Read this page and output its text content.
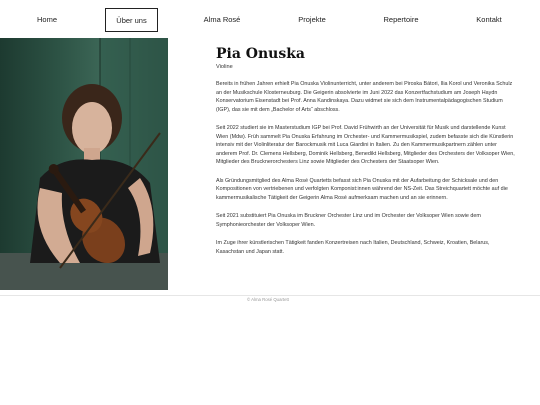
Home	Über uns	Alma Rosé	Projekte	Repertoire	Kontakt
Pia Onuska
Violine

Bereits in frühen Jahren erhielt Pia Onuska Violinunterricht, unter anderem bei Piroska Bátori, Ilia Korol und Veronika Schulz an der Musikschule Klosterneuburg. Die Geigerin absolvierte im Juni 2022 das Konzertfachstudium am Joseph Haydn Konservatorium Eisenstadt bei Prof. Anna Kandinskaya. Dazu widmet sie sich dem Instrumentalpädagogischen Studium (IGP), das sie mit dem „Bachelor of Arts“ abschloss.

Seit 2022 studiert sie im Masterstudium IGP bei Prof. David Frühwirth an der Universität für Musik und darstellende Kunst Wien (Mdw). Früh sammelt Pia Onuska Erfahrung im Orchester- und Kammermusikspiel, zudem befasste sich die Künstlerin intensiv mit der Violinliteratur der Barockmusik mit Luca Giardini in Italien. Zu den Kammermusikpartnern zählen unter anderem Prof. Dr. Clemens Hellsberg, Dominik Hellsberg, Benedikt Hellsberg, Mitglieder des Orchesters der Volksoper Wien, Mitglieder des Brucknerorchesters Linz sowie Mitglieder des Orchesters der Staatsoper Wien.

Als Gründungsmitglied des Alma Rosé Quartetts befasst sich Pia Onuska mit der Aufarbeitung der Schicksale und den Kompositionen von vertriebenen und verfolgten Komponist:innen während der NS-Zeit. Das Streichquartett möchte auf die kammermusikalische Tätigkeit der Geigerin Alma Rosé aufmerksam machen und an sie erinnern.

Seit 2021 substituiert Pia Onuska im Bruckner Orchester Linz und im Orchester der Volksoper Wien sowie dem Symphonieorchester der Volksoper Wien.

Im Zuge ihrer künstlerischen Tätigkeit fanden Konzertreisen nach Italien, Deutschland, Schweiz, Kroatien, Belarus, Kasachstan und Japan statt.

© Alma Rosé Quartett
